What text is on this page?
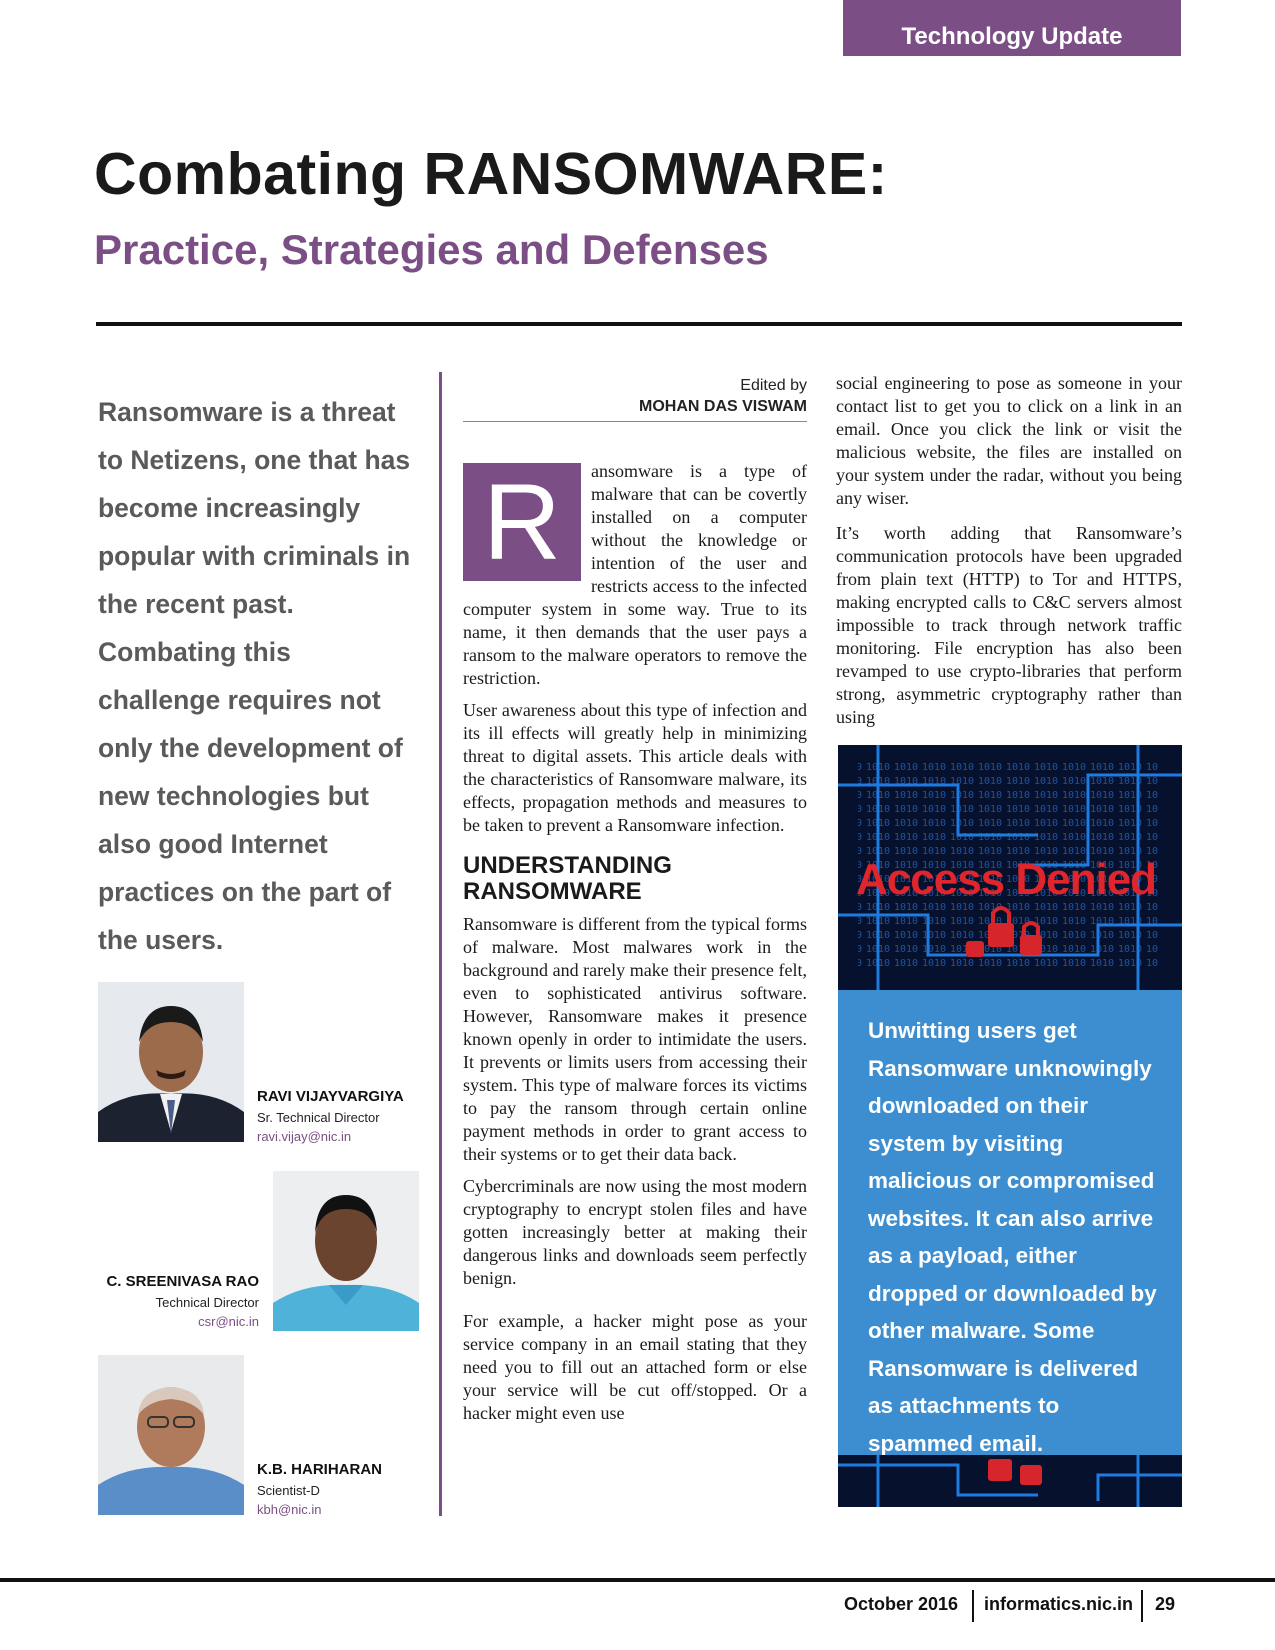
Technology Update
Combating RANSOMWARE:
Practice, Strategies and Defenses
Ransomware is a threat to Netizens, one that has become increasingly popular with criminals in the recent past. Combating this challenge requires not only the development of new technologies but also good Internet practices on the part of the users.
RAVI VIJAYVARGIYA
Sr. Technical Director
ravi.vijay@nic.in
C. SREENIVASA RAO
Technical Director
csr@nic.in
K.B. HARIHARAN
Scientist-D
kbh@nic.in
Edited by
MOHAN DAS VISWAM

R	ansomware is a type of malware that can be covertly installed on a computer without the knowledge or intention of the user and restricts access to the infected computer system in some way. True to its name, it then demands that the user pays a ransom to the malware operators to remove the restriction.

User awareness about this type of infection and its ill effects will greatly help in minimizing threat to digital assets. This article deals with the characteristics of Ransomware malware, its effects, propagation methods and measures to be taken to prevent a Ransomware infection.

UNDERSTANDING RANSOMWARE

Ransomware is different from the typical forms of malware. Most malwares work in the background and rarely make their presence felt, even to sophisticated antivirus software. However, Ransomware makes it presence known openly in order to intimidate the users. It prevents or limits users from accessing their system. This type of malware forces its victims to pay the ransom through certain online payment methods in order to grant access to their systems or to get their data back.

Cybercriminals are now using the most modern cryptography to encrypt stolen files and have gotten increasingly better at making their dangerous links and downloads seem perfectly benign.

For example, a hacker might pose as your service company in an email stating that they need you to fill out an attached form or else your service will be cut off/stopped. Or a hacker might even use

social engineering to pose as someone in your contact list to get you to click on a link in an email. Once you click the link or visit the malicious website, the files are installed on your system under the radar, without you being any wiser.

It’s worth adding that Ransomware’s communication protocols have been upgraded from plain text (HTTP) to Tor and HTTPS, making encrypted calls to C&C servers almost impossible to track through network traffic monitoring. File encryption has also been revamped to use crypto-libraries that perform strong, asymmetric cryptography rather than using

Access Denied
Unwitting users get Ransomware unknowingly downloaded on their system by visiting malicious or compromised websites. It can also arrive as a payload, either dropped or downloaded by other malware. Some Ransomware is delivered as attachments to spammed email.
October 2016 informatics.nic.in 29
